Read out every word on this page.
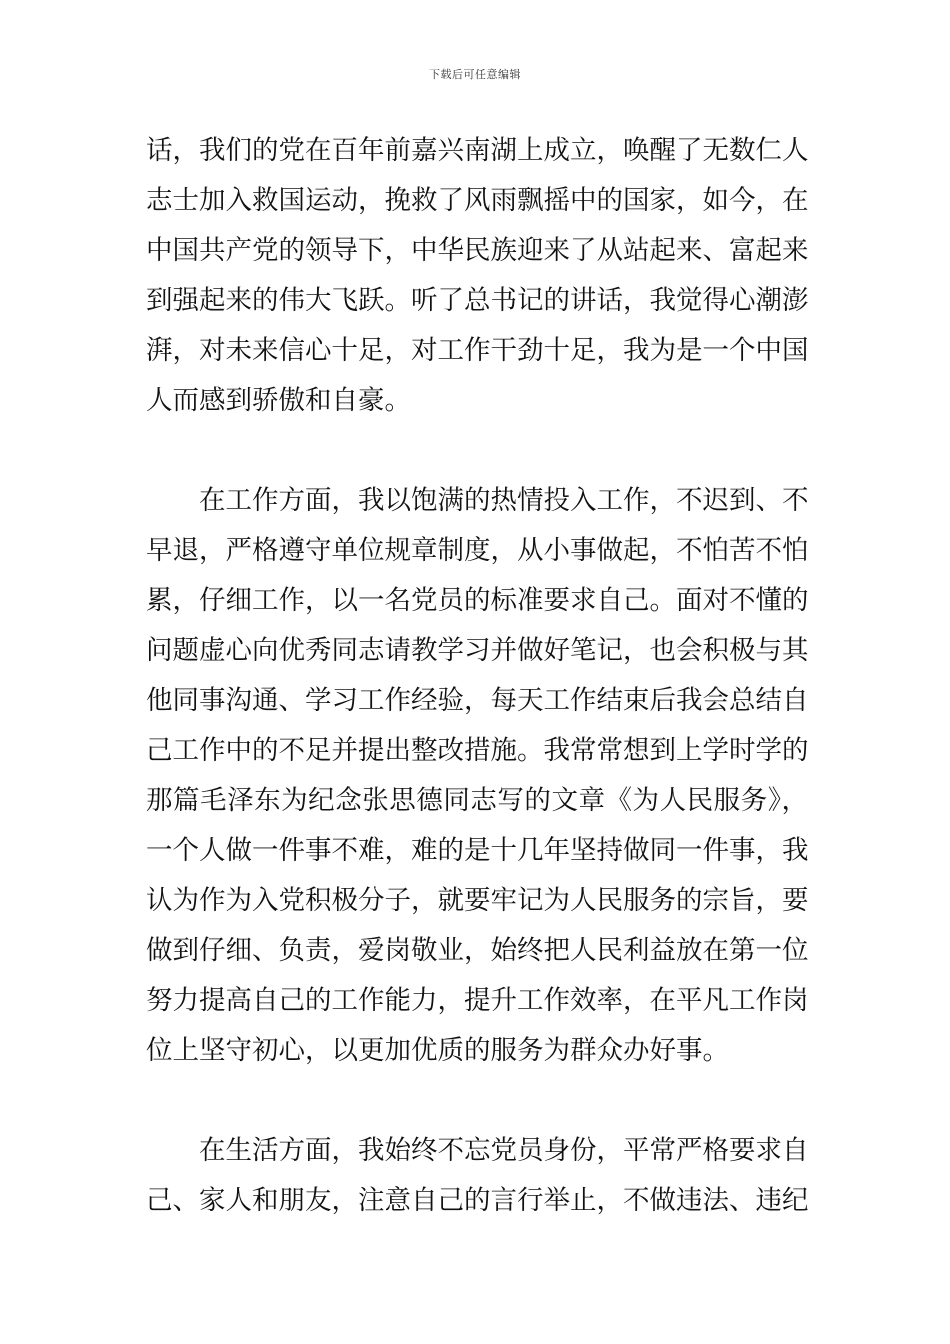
下载后可任意编辑
话，我们的党在百年前嘉兴南湖上成立，唤醒了无数仁人
志士加入救国运动，挽救了风雨飘摇中的国家，如今，在
中国共产党的领导下，中华民族迎来了从站起来、富起来
到强起来的伟大飞跃。听了总书记的讲话，我觉得心潮澎
湃，对未来信心十足，对工作干劲十足，我为是一个中国
人而感到骄傲和自豪。
在工作方面，我以饱满的热情投入工作，不迟到、不
早退，严格遵守单位规章制度，从小事做起，不怕苦不怕
累，仔细工作，以一名党员的标准要求自己。面对不懂的
问题虚心向优秀同志请教学习并做好笔记，也会积极与其
他同事沟通、学习工作经验，每天工作结束后我会总结自
己工作中的不足并提出整改措施。我常常想到上学时学的
那篇毛泽东为纪念张思德同志写的文章《为人民服务》，
一个人做一件事不难，难的是十几年坚持做同一件事，我
认为作为入党积极分子，就要牢记为人民服务的宗旨，要
做到仔细、负责，爱岗敬业，始终把人民利益放在第一位
努力提高自己的工作能力，提升工作效率，在平凡工作岗
位上坚守初心，以更加优质的服务为群众办好事。
在生活方面，我始终不忘党员身份，平常严格要求自
己、家人和朋友，注意自己的言行举止，不做违法、违纪
